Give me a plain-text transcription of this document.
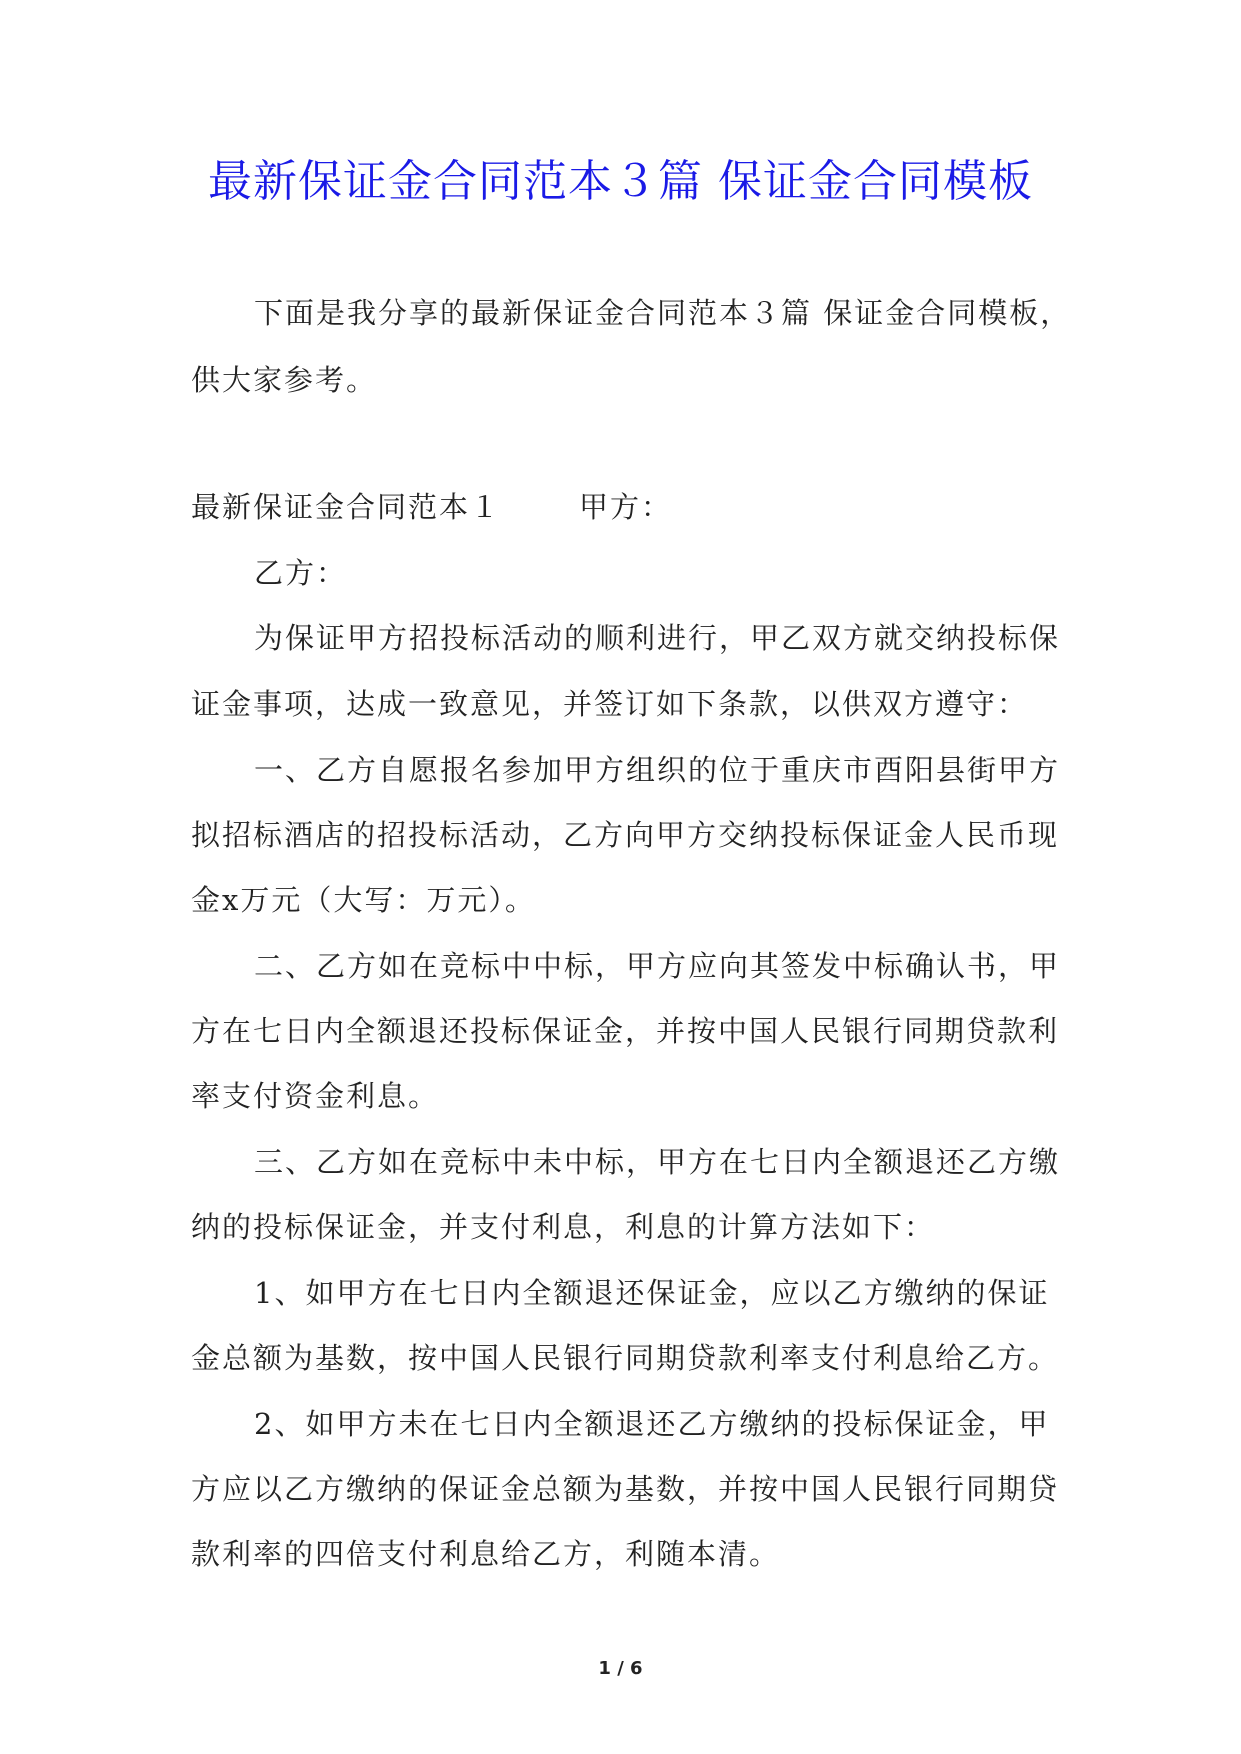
最新保证金合同范本３篇 保证金合同模板
下面是我分享的最新保证金合同范本３篇 保证金合同模板，
供大家参考。
最新保证金合同范本１	甲方：
乙方：
为保证甲方招投标活动的顺利进行，甲乙双方就交纳投标保
证金事项，达成一致意见，并签订如下条款，以供双方遵守：
一、乙方自愿报名参加甲方组织的位于重庆市酉阳县街甲方
拟招标酒店的招投标活动，乙方向甲方交纳投标保证金人民币现
金x万元（大写：万元）。
二、乙方如在竞标中中标，甲方应向其签发中标确认书，甲
方在七日内全额退还投标保证金，并按中国人民银行同期贷款利
率支付资金利息。
三、乙方如在竞标中未中标，甲方在七日内全额退还乙方缴
纳的投标保证金，并支付利息，利息的计算方法如下：
1、如甲方在七日内全额退还保证金，应以乙方缴纳的保证
金总额为基数，按中国人民银行同期贷款利率支付利息给乙方。
2、如甲方未在七日内全额退还乙方缴纳的投标保证金，甲
方应以乙方缴纳的保证金总额为基数，并按中国人民银行同期贷
款利率的四倍支付利息给乙方，利随本清。
1 / 6
